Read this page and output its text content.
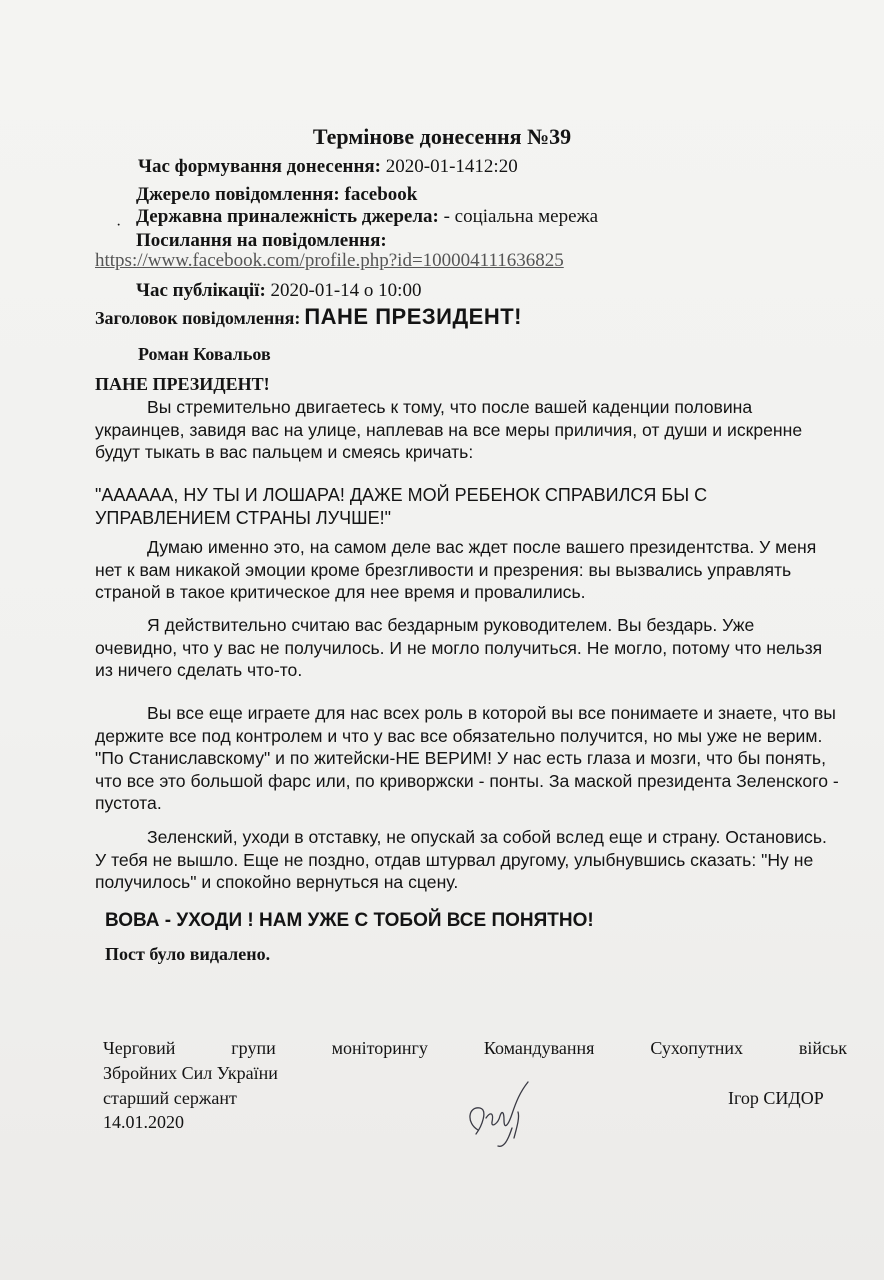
Термінове донесення №39
Час формування донесення: 2020-01-1412:20
Джерело повідомлення: facebook
· Державна приналежність джерела: - соціальна мережа
Посилання на повідомлення:
https://www.facebook.com/profile.php?id=100004111636825
Час публікації: 2020-01-14 о 10:00
Заголовок повідомлення: ПАНЕ ПРЕЗИДЕНТ!
Роман Ковальов
ПАНЕ ПРЕЗИДЕНТ!
Вы стремительно двигаетесь к тому, что после вашей каденции половина украинцев, завидя вас на улице, наплевав на все меры приличия, от души и искренне будут тыкать в вас пальцем и смеясь кричать:
"АААААА, НУ ТЫ И ЛОШАРА! ДАЖЕ МОЙ РЕБЕНОК СПРАВИЛСЯ БЫ С УПРАВЛЕНИЕМ СТРАНЫ ЛУЧШЕ!"
Думаю именно это, на самом деле вас ждет после вашего президентства. У меня нет к вам никакой эмоции кроме брезгливости и презрения: вы вызвались управлять страной в такое критическое для нее время и провалились.
Я действительно считаю вас бездарным руководителем. Вы бездарь. Уже очевидно, что у вас не получилось. И не могло получиться. Не могло, потому что нельзя из ничего сделать что-то.
Вы все еще играете для нас всех роль в которой вы все понимаете и знаете, что вы держите все под контролем и что у вас все обязательно получится, но мы уже не верим. "По Станиславскому" и по житейски-НЕ ВЕРИМ! У нас есть глаза и мозги, что бы понять, что все это большой фарс или, по криворжски - понты. За маской президента Зеленского - пустота.
Зеленский, уходи в отставку, не опускай за собой вслед еще и страну. Остановись. У тебя не вышло. Еще не поздно, отдав штурвал другому, улыбнувшись сказать: "Ну не получилось" и спокойно вернуться на сцену.
ВОВА - УХОДИ ! НАМ УЖЕ С ТОБОЙ ВСЕ ПОНЯТНО!
Пост було видалено.
Черговий	групи	моніторингу	Командування	Сухопутних	військ
Збройних Сил України
старший сержант
14.01.2020
Ігор СИДОР
